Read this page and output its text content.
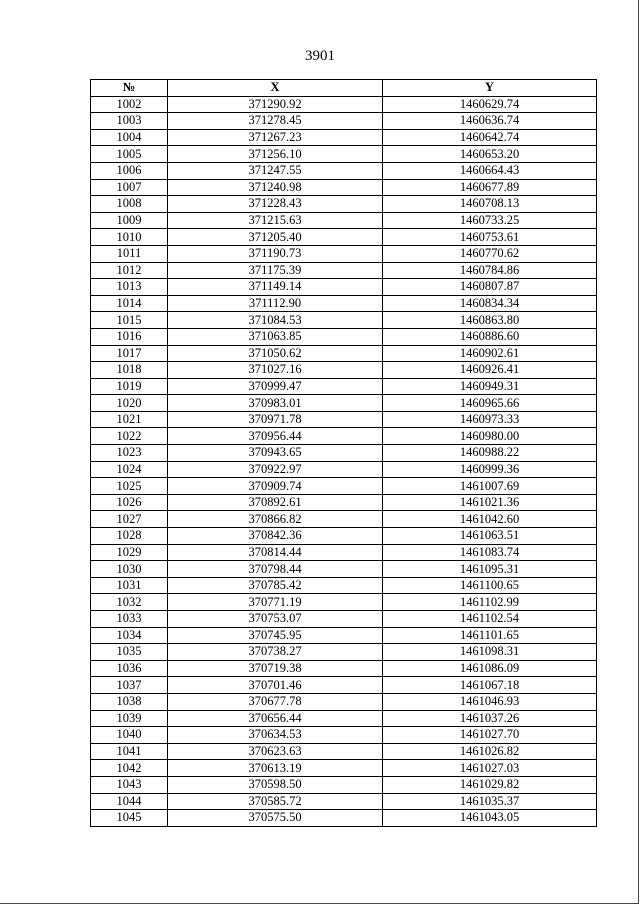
3901
№	X	Y
1002	371290.92	1460629.74
1003	371278.45	1460636.74
1004	371267.23	1460642.74
1005	371256.10	1460653.20
1006	371247.55	1460664.43
1007	371240.98	1460677.89
1008	371228.43	1460708.13
1009	371215.63	1460733.25
1010	371205.40	1460753.61
1011	371190.73	1460770.62
1012	371175.39	1460784.86
1013	371149.14	1460807.87
1014	371112.90	1460834.34
1015	371084.53	1460863.80
1016	371063.85	1460886.60
1017	371050.62	1460902.61
1018	371027.16	1460926.41
1019	370999.47	1460949.31
1020	370983.01	1460965.66
1021	370971.78	1460973.33
1022	370956.44	1460980.00
1023	370943.65	1460988.22
1024	370922.97	1460999.36
1025	370909.74	1461007.69
1026	370892.61	1461021.36
1027	370866.82	1461042.60
1028	370842.36	1461063.51
1029	370814.44	1461083.74
1030	370798.44	1461095.31
1031	370785.42	1461100.65
1032	370771.19	1461102.99
1033	370753.07	1461102.54
1034	370745.95	1461101.65
1035	370738.27	1461098.31
1036	370719.38	1461086.09
1037	370701.46	1461067.18
1038	370677.78	1461046.93
1039	370656.44	1461037.26
1040	370634.53	1461027.70
1041	370623.63	1461026.82
1042	370613.19	1461027.03
1043	370598.50	1461029.82
1044	370585.72	1461035.37
1045	370575.50	1461043.05
